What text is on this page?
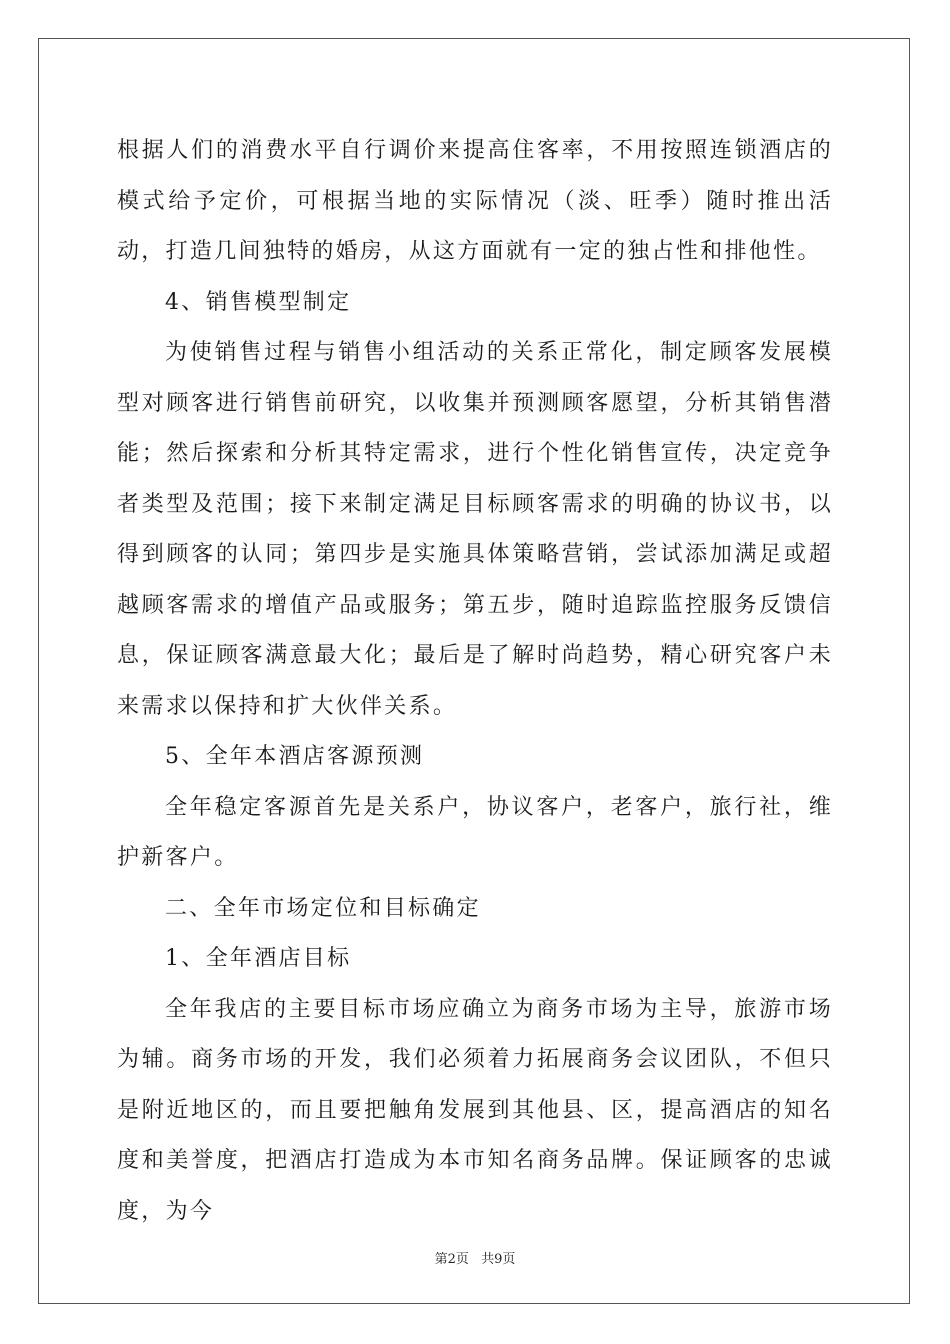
根据人们的消费水平自行调价来提高住客率，不用按照连锁酒店的模式给予定价，可根据当地的实际情况（淡、旺季）随时推出活动，打造几间独特的婚房，从这方面就有一定的独占性和排他性。

4、销售模型制定

为使销售过程与销售小组活动的关系正常化，制定顾客发展模型对顾客进行销售前研究，以收集并预测顾客愿望，分析其销售潜能；然后探索和分析其特定需求，进行个性化销售宣传，决定竞争者类型及范围；接下来制定满足目标顾客需求的明确的协议书，以得到顾客的认同；第四步是实施具体策略营销，尝试添加满足或超越顾客需求的增值产品或服务；第五步，随时追踪监控服务反馈信息，保证顾客满意最大化；最后是了解时尚趋势，精心研究客户未来需求以保持和扩大伙伴关系。

5、全年本酒店客源预测

全年稳定客源首先是关系户，协议客户，老客户，旅行社，维护新客户。

二、全年市场定位和目标确定

1、全年酒店目标

全年我店的主要目标市场应确立为商务市场为主导，旅游市场为辅。商务市场的开发，我们必须着力拓展商务会议团队，不但只是附近地区的，而且要把触角发展到其他县、区，提高酒店的知名度和美誉度，把酒店打造成为本市知名商务品牌。保证顾客的忠诚度，为今

第2页 共9页
